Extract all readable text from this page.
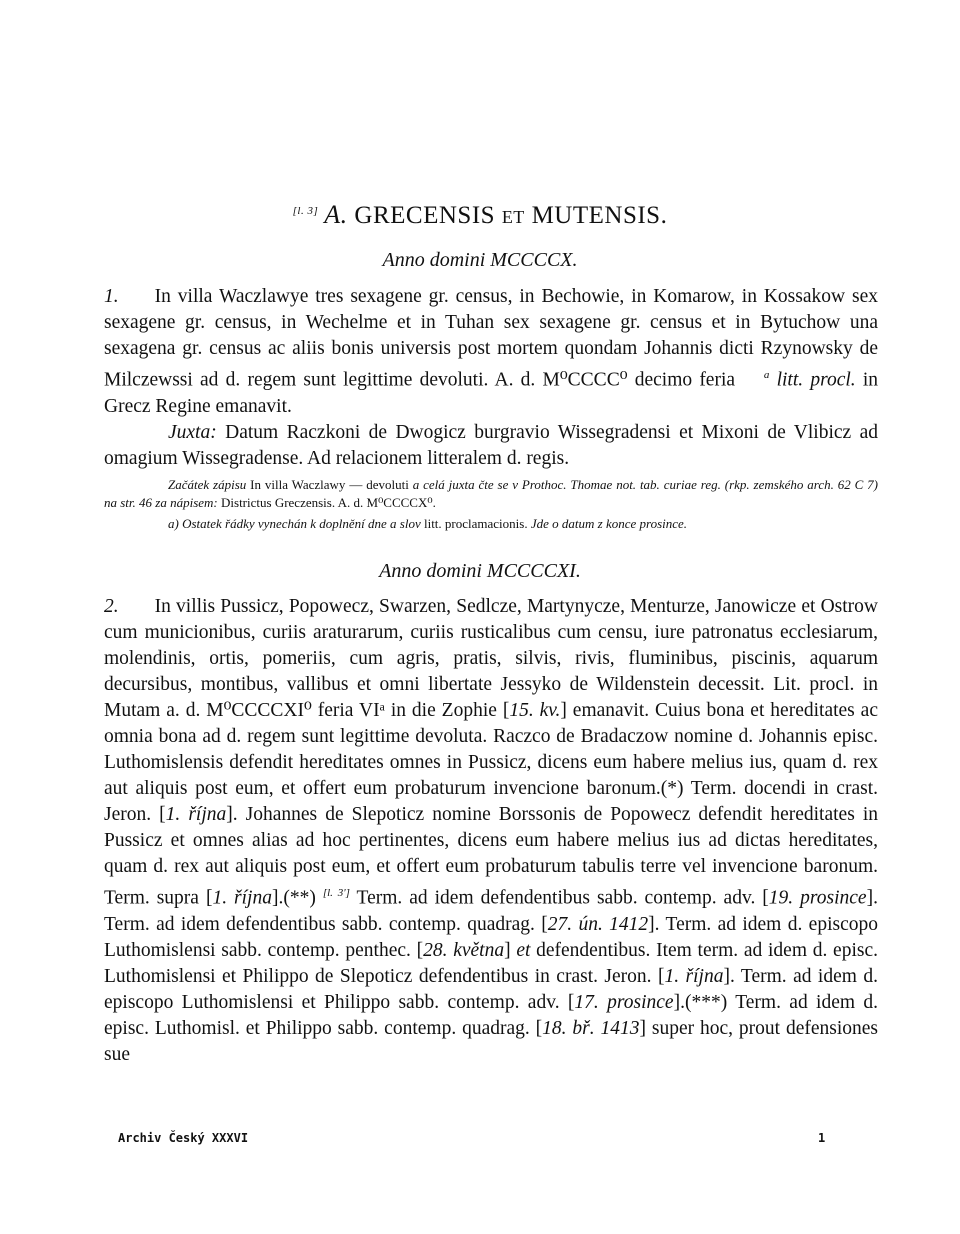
[l. 3] A. GRECENSIS ET MUTENSIS.
Anno domini MCCCCX.
1. In villa Waczlawye tres sexagene gr. census, in Bechowie, in Komarow, in Kossakow sex sexagene gr. census, in Wechelme et in Tuhan sex sexagene gr. census et in Bytuchow una sexagena gr. census ac aliis bonis universis post mortem quondam Johannis dicti Rzynowsky de Milczewssi ad d. regem sunt legittime devoluti. A. d. M⁰CCCC⁰ decimo feria	$^a$ litt. procl. in Grecz Regine emanavit.
Juxta: Datum Raczkoni de Dwogicz burgravio Wissegradensi et Mixoni de Vlibicz ad omagium Wissegradense. Ad relacionem litteralem d. regis.
Začátek zápisu In villa Waczlawy — devoluti a celá juxta čte se v Prothoc. Thomae not. tab. curiae reg. (rkp. zemského arch. 62 C 7) na str. 46 za nápisem: Districtus Greczensis. A. d. M⁰CCCCX⁰.
a) Ostatek řádky vynechán k doplnění dne a slov litt. proclamacionis. Jde o datum z konce prosince.
Anno domini MCCCCXI.
2. In villis Pussicz, Popowecz, Swarzen, Sedlcze, Martynycze, Menturze, Janowicze et Ostrow cum municionibus, curiis araturarum, curiis rusticalibus cum censu, iure patronatus ecclesiarum, molendinis, ortis, pomeriis, cum agris, pratis, silvis, rivis, fluminibus, piscinis, aquarum decursibus, montibus, vallibus et omni libertate Jessyko de Wildenstein decessit. Lit. procl. in Mutam a. d. M⁰CCCCXI⁰ feria VIᵃ in die Zophie [15. kv.] emanavit. Cuius bona et hereditates ac omnia bona ad d. regem sunt legittime devoluta. Raczco de Bradaczow nomine d. Johannis episc. Luthomislensis defendit hereditates omnes in Pussicz, dicens eum habere melius ius, quam d. rex aut aliquis post eum, et offert eum probaturum invencione baronum.(*) Term. docendi in crast. Jeron. [1. října]. Johannes de Slepoticz nomine Borssonis de Popowecz defendit hereditates in Pussicz et omnes alias ad hoc pertinentes, dicens eum habere melius ius ad dictas hereditates, quam d. rex aut aliquis post eum, et offert eum probaturum tabulis terre vel invencione baronum. Term. supra [1. října].(**) [l. 3'] Term. ad idem defendentibus sabb. contemp. adv. [19. prosince]. Term. ad idem defendentibus sabb. contemp. quadrag. [27. ún. 1412]. Term. ad idem d. episcopo Luthomislensi sabb. contemp. penthec. [28. května] et defendentibus. Item term. ad idem d. episc. Luthomislensi et Philippo de Slepoticz defendentibus in crast. Jeron. [1. října]. Term. ad idem d. episcopo Luthomislensi et Philippo sabb. contemp. adv. [17. prosince].(***) Term. ad idem d. episc. Luthomisl. et Philippo sabb. contemp. quadrag. [18. bř. 1413] super hoc, prout defensiones sue
Archiv Český XXXVI	1
